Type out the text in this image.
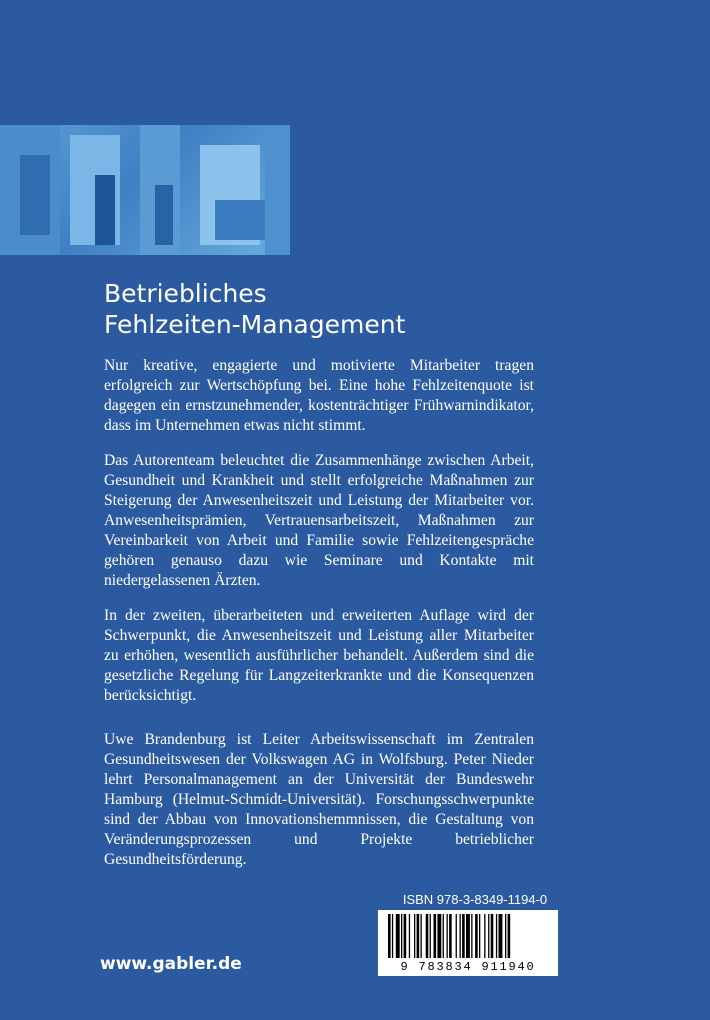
Betriebliches
Fehlzeiten-Management

Nur kreative, engagierte und motivierte Mitarbeiter tragen erfolgreich zur Wertschöpfung bei. Eine hohe Fehlzeitenquote ist dagegen ein ernstzunehmender, kostenträchtiger Frühwarnindikator, dass im Unternehmen etwas nicht stimmt.

Das Autorenteam beleuchtet die Zusammenhänge zwischen Arbeit, Gesundheit und Krankheit und stellt erfolgreiche Maßnahmen zur Steigerung der Anwesenheitszeit und Leistung der Mitarbeiter vor. Anwesenheitsprämien, Vertrauensarbeitszeit, Maßnahmen zur Vereinbarkeit von Arbeit und Familie sowie Fehlzeitengespräche gehören genauso dazu wie Seminare und Kontakte mit niedergelassenen Ärzten.

In der zweiten, überarbeiteten und erweiterten Auflage wird der Schwerpunkt, die Anwesenheitszeit und Leistung aller Mitarbeiter zu erhöhen, wesentlich ausführlicher behandelt. Außerdem sind die gesetzliche Regelung für Langzeiterkrankte und die Konsequenzen berücksichtigt.

Uwe Brandenburg ist Leiter Arbeitswissenschaft im Zentralen Gesundheitswesen der Volkswagen AG in Wolfsburg. Peter Nieder lehrt Personalmanagement an der Universität der Bundeswehr Hamburg (Helmut-Schmidt-Universität). Forschungsschwerpunkte sind der Abbau von Innovationshemmnissen, die Gestaltung von Veränderungsprozessen und Projekte betrieblicher Gesundheitsförderung.

ISBN 978-3-8349-1194-0
9 783834 911940
www.gabler.de
